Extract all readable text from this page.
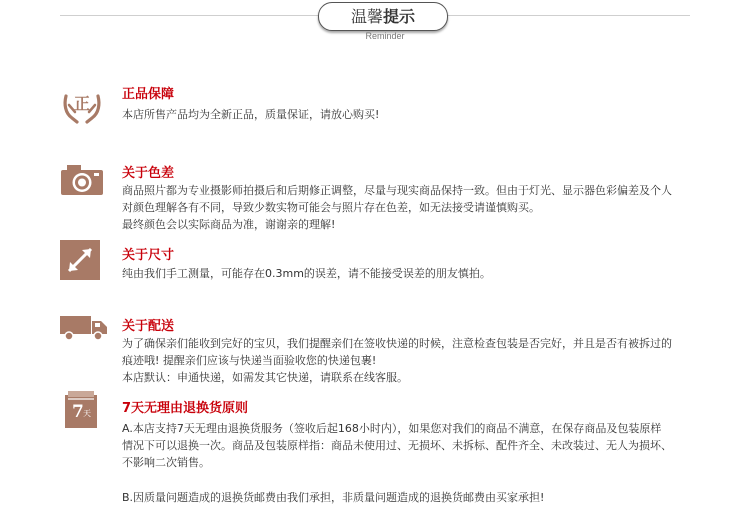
温馨提示
Reminder
正 正品保障
本店所售产品均为全新正品，质量保证，请放心购买!
关于色差
商品照片都为专业摄影师拍摄后和后期修正调整，尽量与现实商品保持一致。但由于灯光、显示器色彩偏差及个人
对颜色理解各有不同，导致少数实物可能会与照片存在色差，如无法接受请谨慎购买。
最终颜色会以实际商品为准，谢谢亲的理解!
关于尺寸
纯由我们手工测量，可能存在0.3mm的误差，请不能接受误差的朋友慎拍。
关于配送
为了确保亲们能收到完好的宝贝，我们提醒亲们在签收快递的时候，注意检查包装是否完好，并且是否有被拆过的
痕迹哦! 提醒亲们应该与快递当面验收您的快递包裹!
本店默认：申通快递，如需发其它快递，请联系在线客服。
7 天 7天无理由退换货原则
A.本店支持7天无理由退换货服务（签收后起168小时内），如果您对我们的商品不满意，在保存商品及包装原样
情况下可以退换一次。商品及包装原样指：商品未使用过、无损坏、未拆标、配件齐全、未改装过、无人为损坏、
不影响二次销售。
B.因质量问题造成的退换货邮费由我们承担，非质量问题造成的退换货邮费由买家承担!
